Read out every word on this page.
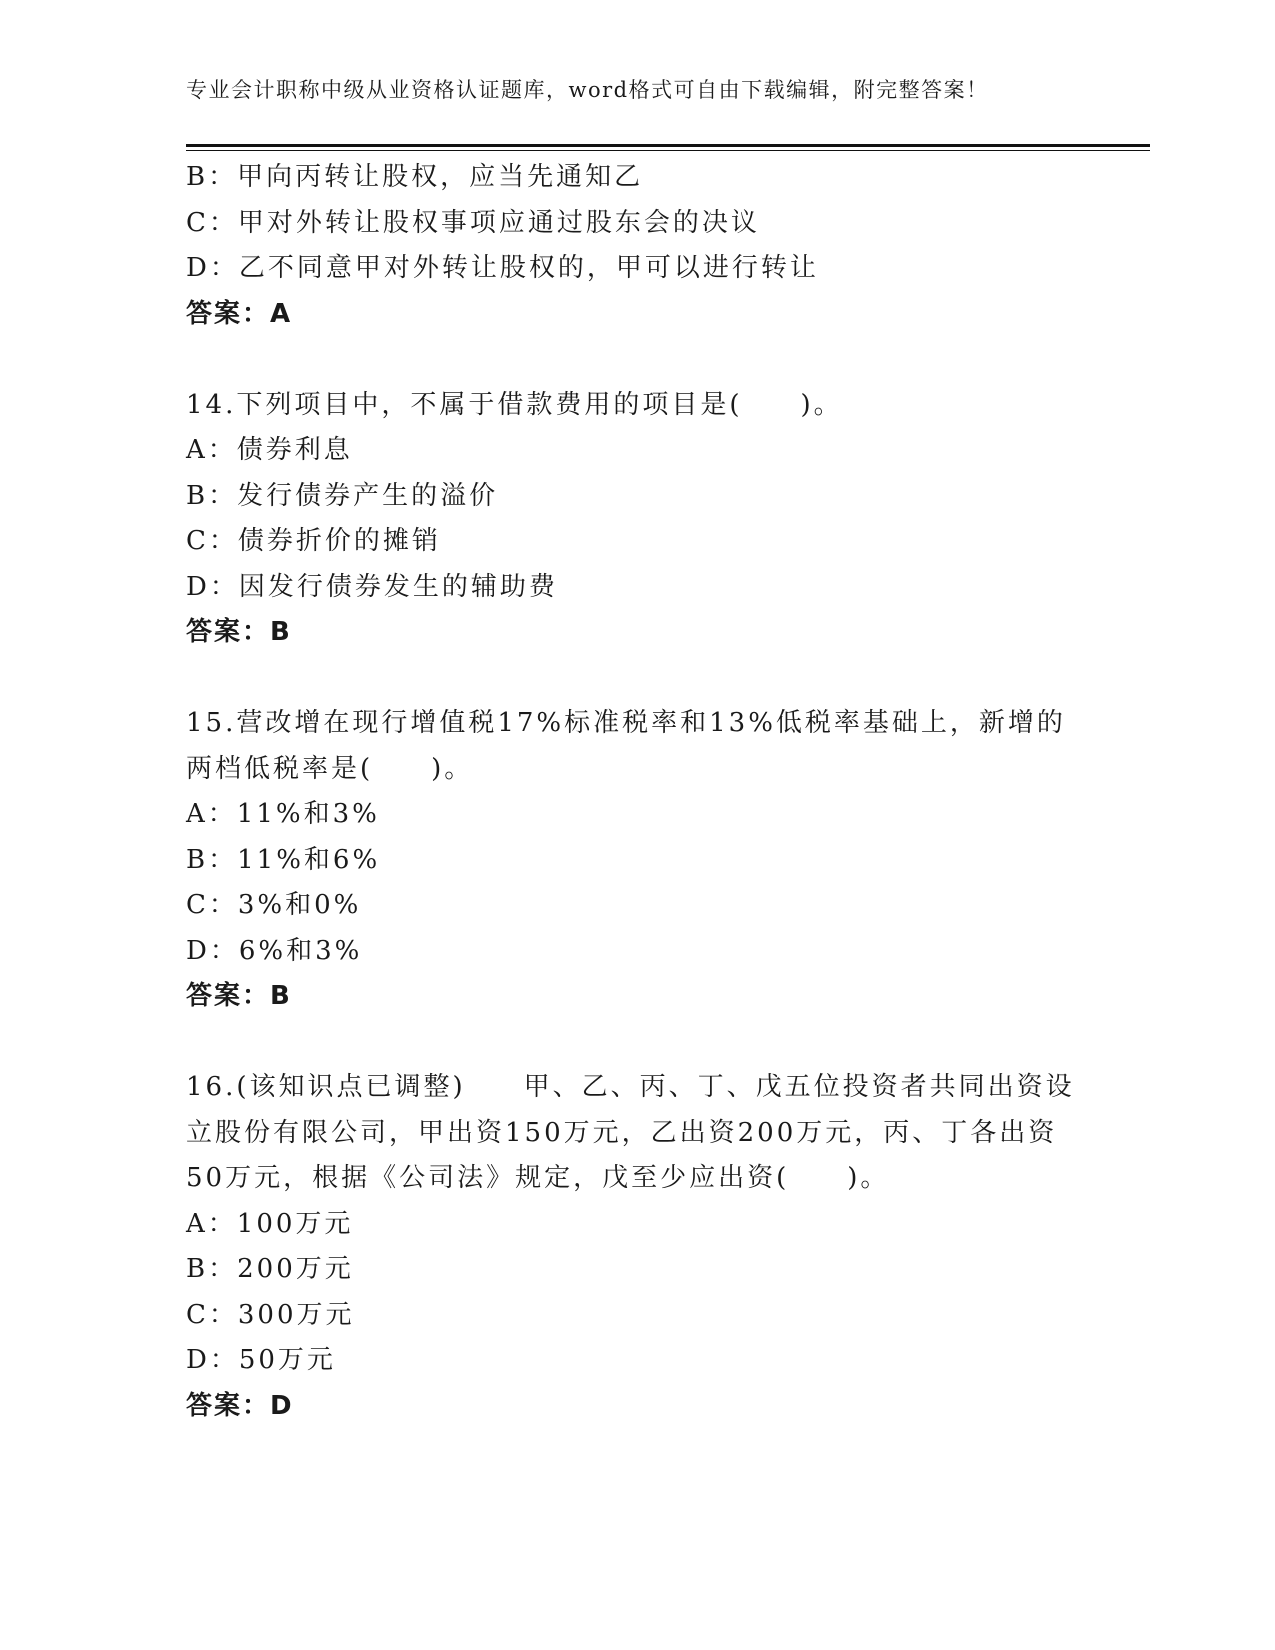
专业会计职称中级从业资格认证题库，word格式可自由下载编辑，附完整答案！
B：甲向丙转让股权，应当先通知乙
C：甲对外转让股权事项应通过股东会的决议
D：乙不同意甲对外转让股权的，甲可以进行转让
答案：A
14.下列项目中，不属于借款费用的项目是(　　)。
A：债券利息
B：发行债券产生的溢价
C：债券折价的摊销
D：因发行债券发生的辅助费
答案：B
15.营改增在现行增值税17%标准税率和13%低税率基础上，新增的
两档低税率是(　　)。
A：11%和3%
B：11%和6%
C：3%和0%
D：6%和3%
答案：B
16.(该知识点已调整)　　甲、乙、丙、丁、戊五位投资者共同出资设
立股份有限公司，甲出资150万元，乙出资200万元，丙、丁各出资
50万元，根据《公司法》规定，戊至少应出资(　　)。
A：100万元
B：200万元
C：300万元
D：50万元
答案：D
